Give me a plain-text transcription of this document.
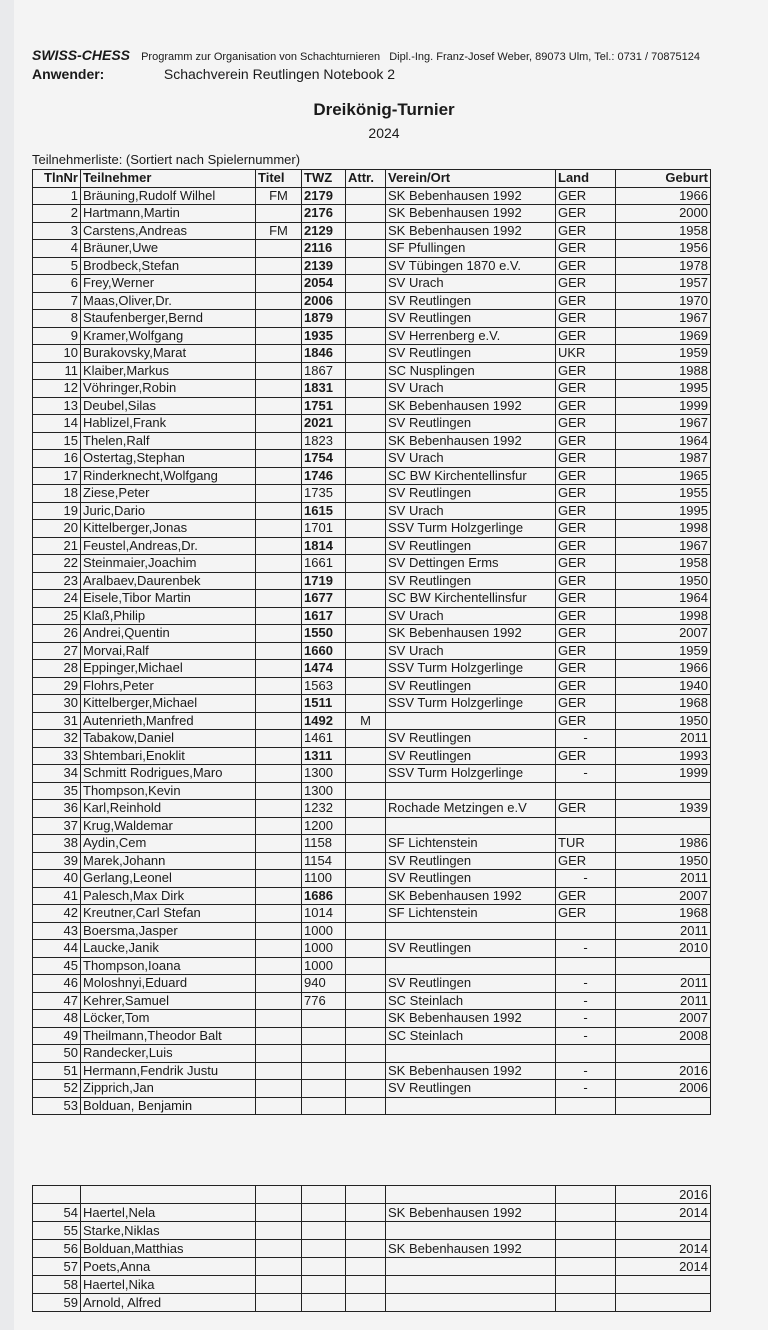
SWISS-CHESS Programm zur Organisation von Schachturnieren Dipl.-Ing. Franz-Josef Weber, 89073 Ulm, Tel.: 0731 / 70875124
Anwender:	Schachverein Reutlingen Notebook 2
Dreikönig-Turnier
2024
Teilnehmerliste: (Sortiert nach Spielernummer)
TlnNr	Teilnehmer	Titel	TWZ	Attr.	Verein/Ort	Land	Geburt
1	Bräuning,Rudolf Wilhel	FM	2179		SK Bebenhausen 1992	GER	1966
2	Hartmann,Martin		2176		SK Bebenhausen 1992	GER	2000
3	Carstens,Andreas	FM	2129		SK Bebenhausen 1992	GER	1958
4	Bräuner,Uwe		2116		SF Pfullingen	GER	1956
5	Brodbeck,Stefan		2139		SV Tübingen 1870 e.V.	GER	1978
6	Frey,Werner		2054		SV Urach	GER	1957
7	Maas,Oliver,Dr.		2006		SV Reutlingen	GER	1970
8	Staufenberger,Bernd		1879		SV Reutlingen	GER	1967
9	Kramer,Wolfgang		1935		SV Herrenberg e.V.	GER	1969
10	Burakovsky,Marat		1846		SV Reutlingen	UKR	1959
11	Klaiber,Markus		1867		SC Nusplingen	GER	1988
12	Vöhringer,Robin		1831		SV Urach	GER	1995
13	Deubel,Silas		1751		SK Bebenhausen 1992	GER	1999
14	Hablizel,Frank		2021		SV Reutlingen	GER	1967
15	Thelen,Ralf		1823		SK Bebenhausen 1992	GER	1964
16	Ostertag,Stephan		1754		SV Urach	GER	1987
17	Rinderknecht,Wolfgang		1746		SC BW Kirchentellinsfur	GER	1965
18	Ziese,Peter		1735		SV Reutlingen	GER	1955
19	Juric,Dario		1615		SV Urach	GER	1995
20	Kittelberger,Jonas		1701		SSV Turm Holzgerlinge	GER	1998
21	Feustel,Andreas,Dr.		1814		SV Reutlingen	GER	1967
22	Steinmaier,Joachim		1661		SV Dettingen Erms	GER	1958
23	Aralbaev,Daurenbek		1719		SV Reutlingen	GER	1950
24	Eisele,Tibor Martin		1677		SC BW Kirchentellinsfur	GER	1964
25	Klaß,Philip		1617		SV Urach	GER	1998
26	Andrei,Quentin		1550		SK Bebenhausen 1992	GER	2007
27	Morvai,Ralf		1660		SV Urach	GER	1959
28	Eppinger,Michael		1474		SSV Turm Holzgerlinge	GER	1966
29	Flohrs,Peter		1563		SV Reutlingen	GER	1940
30	Kittelberger,Michael		1511		SSV Turm Holzgerlinge	GER	1968
31	Autenrieth,Manfred		1492	M		GER	1950
32	Tabakow,Daniel		1461		SV Reutlingen	-	2011
33	Shtembari,Enoklit		1311		SV Reutlingen	GER	1993
34	Schmitt Rodrigues,Maro		1300		SSV Turm Holzgerlinge	-	1999
35	Thompson,Kevin		1300				
36	Karl,Reinhold		1232		Rochade Metzingen e.V	GER	1939
37	Krug,Waldemar		1200				
38	Aydin,Cem		1158		SF Lichtenstein	TUR	1986
39	Marek,Johann		1154		SV Reutlingen	GER	1950
40	Gerlang,Leonel		1100		SV Reutlingen	-	2011
41	Palesch,Max Dirk		1686		SK Bebenhausen 1992	GER	2007
42	Kreutner,Carl Stefan		1014		SF Lichtenstein	GER	1968
43	Boersma,Jasper		1000				2011
44	Laucke,Janik		1000		SV Reutlingen	-	2010
45	Thompson,Ioana		1000				
46	Moloshnyi,Eduard		940		SV Reutlingen	-	2011
47	Kehrer,Samuel		776		SC Steinlach	-	2011
48	Löcker,Tom				SK Bebenhausen 1992	-	2007
49	Theilmann,Theodor Balt				SC Steinlach	-	2008
50	Randecker,Luis						
51	Hermann,Fendrik Justu				SK Bebenhausen 1992	-	2016
52	Zipprich,Jan				SV Reutlingen	-	2006
53	Bolduan, Benjamin						
							2016
54	Haertel,Nela				SK Bebenhausen 1992		2014
55	Starke,Niklas						
56	Bolduan,Matthias				SK Bebenhausen 1992		2014
57	Poets,Anna						2014
58	Haertel,Nika						
59	Arnold, Alfred						
